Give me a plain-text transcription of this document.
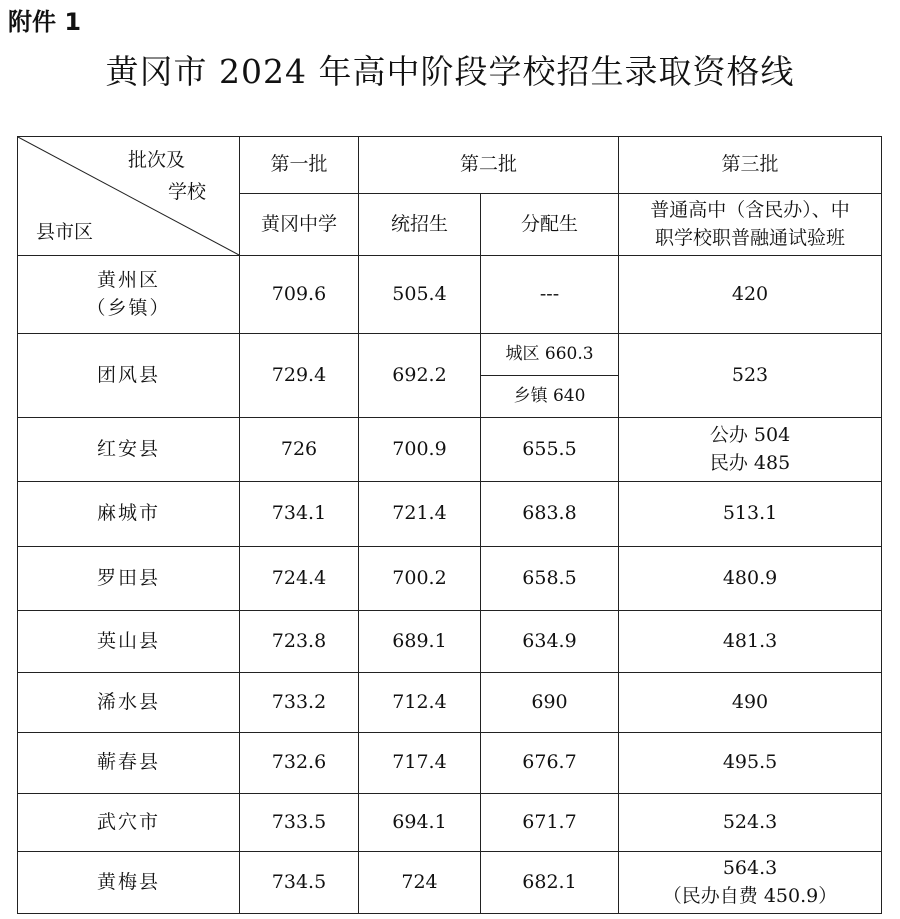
附件 1
黄冈市 2024 年高中阶段学校招生录取资格线
批次及
学校
县市区	第一批	第二批		第三批
	黄冈中学	统招生	分配生	普通高中（含民办）、中
职学校职普融通试验班

黄州区
（乡镇）	709.6	505.4	---	420
团风县	729.4	692.2	城区 660.3
乡镇 640	523
红安县	726	700.9	655.5	公办 504
民办 485

麻城市	734.1	721.4	683.8	513.1
罗田县	724.4	700.2	658.5	480.9
英山县	723.8	689.1	634.9	481.3
浠水县	733.2	712.4	690	490
蕲春县	732.6	717.4	676.7	495.5
武穴市	733.5	694.1	671.7	524.3
黄梅县	734.5	724	682.1	564.3
（民办自费 450.9）
